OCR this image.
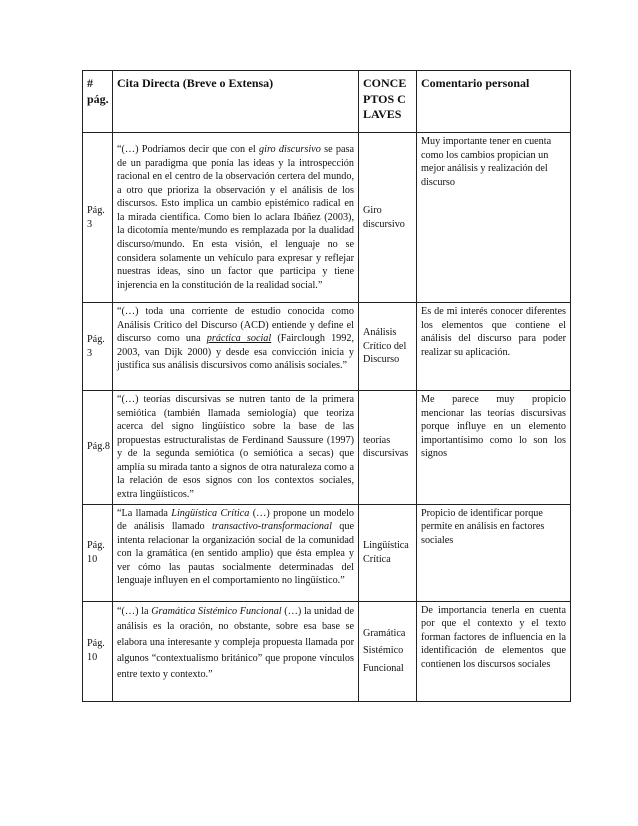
# pág.	Cita Directa (Breve o Extensa)	CONCEPTOS CLAVES	Comentario personal
Pág. 3	“(…) Podríamos decir que con el giro discursivo se pasa de un paradigma que ponía las ideas y la introspección racional en el centro de la observación certera del mundo, a otro que prioriza la observación y el análisis de los discursos. Esto implica un cambio epistémico radical en la mirada científica. Como bien lo aclara Ibáñez (2003), la dicotomía mente/mundo es remplazada por la dualidad discurso/mundo. En esta visión, el lenguaje no se considera solamente un vehículo para expresar y reflejar nuestras ideas, sino un factor que participa y tiene injerencia en la constitución de la realidad social.”	Giro discursivo	Muy importante tener en cuenta como los cambios propician un mejor análisis y realización del discurso
Pág. 3	“(…) toda una corriente de estudio conocida como Análisis Crítico del Discurso (ACD) entiende y define el discurso como una práctica social (Fairclough 1992, 2003, van Dijk 2000) y desde esa convicción inicia y justifica sus análisis discursivos como análisis sociales.”	Análisis Crítico del Discurso	Es de mi interés conocer diferentes los elementos que contiene el análisis del discurso para poder realizar su aplicación.
Pág.8	“(…) teorías discursivas se nutren tanto de la primera semiótica (también llamada semiología) que teoriza acerca del signo lingüístico sobre la base de las propuestas estructuralistas de Ferdinand Saussure (1997) y de la segunda semiótica (o semiótica a secas) que amplía su mirada tanto a signos de otra naturaleza como a la relación de esos signos con los contextos sociales, extra lingüísticos.”	teorías discursivas	Me parece muy propicio mencionar las teorías discursivas porque influye en un elemento importantísimo como lo son los signos
Pág. 10	“La llamada Lingüística Crítica (…) propone un modelo de análisis llamado transactivo-transformacional que intenta relacionar la organización social de la comunidad con la gramática (en sentido amplio) que ésta emplea y ver cómo las pautas socialmente determinadas del lenguaje influyen en el comportamiento no lingüístico.”	Lingüística Crítica	Propicio de identificar porque permite en análisis en factores sociales
Pág. 10	“(…) la Gramática Sistémico Funcional (…) la unidad de análisis es la oración, no obstante, sobre esa base se elabora una interesante y compleja propuesta llamada por algunos “contextualismo británico” que propone vínculos entre texto y contexto.”	Gramática Sistémico Funcional	De importancia tenerla en cuenta por que el contexto y el texto forman factores de influencia en la identificación de elementos que contienen los discursos sociales
